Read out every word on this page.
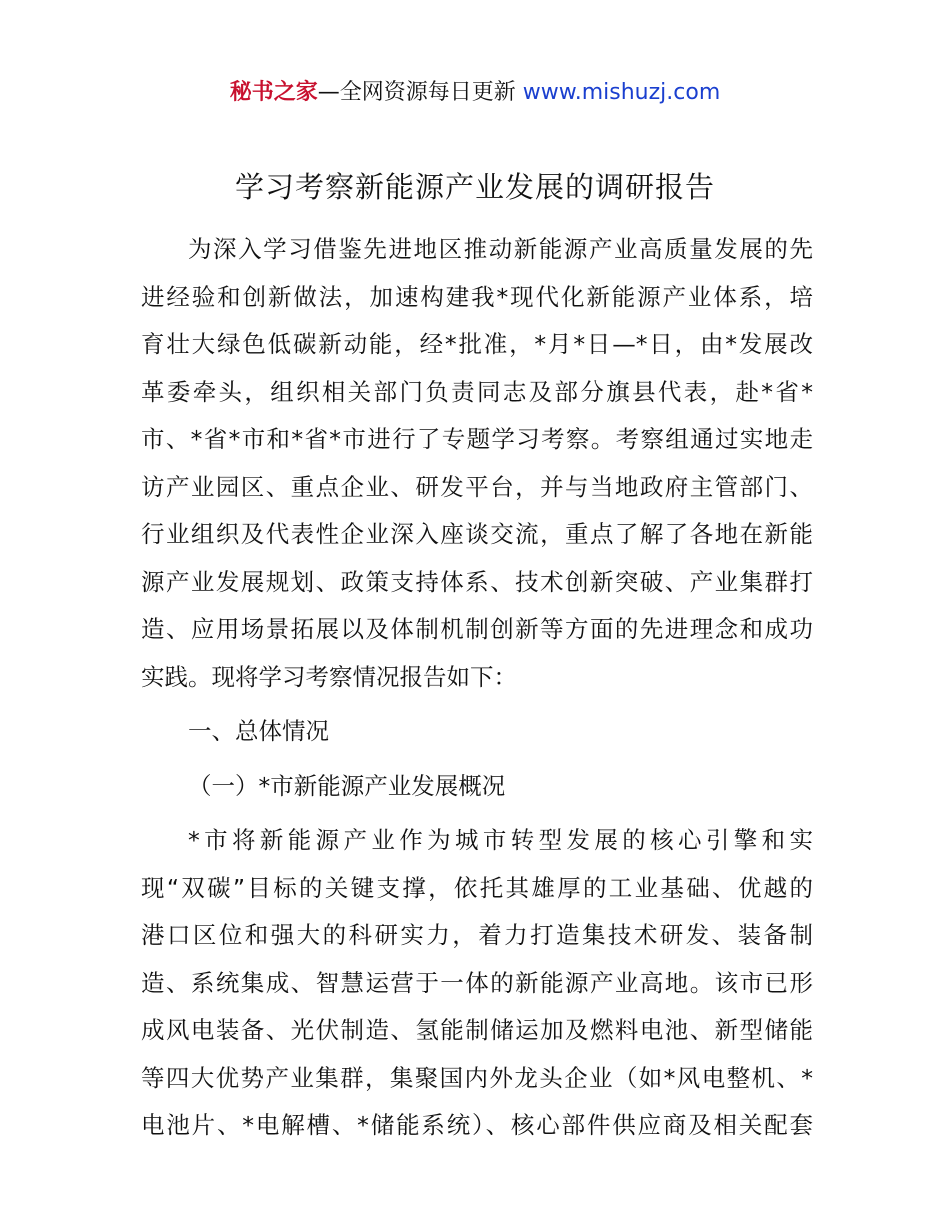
秘书之家—全网资源每日更新 www.mishuzj.com
学习考察新能源产业发展的调研报告
为深入学习借鉴先进地区推动新能源产业高质量发展的先
进经验和创新做法，加速构建我*现代化新能源产业体系，培
育壮大绿色低碳新动能，经*批准，*月*日—*日，由*发展改
革委牵头，组织相关部门负责同志及部分旗县代表，赴*省*
市、*省*市和*省*市进行了专题学习考察。考察组通过实地走
访产业园区、重点企业、研发平台，并与当地政府主管部门、
行业组织及代表性企业深入座谈交流，重点了解了各地在新能
源产业发展规划、政策支持体系、技术创新突破、产业集群打
造、应用场景拓展以及体制机制创新等方面的先进理念和成功
实践。现将学习考察情况报告如下：
一、总体情况
（一）*市新能源产业发展概况
*市将新能源产业作为城市转型发展的核心引擎和实
现“双碳”目标的关键支撑，依托其雄厚的工业基础、优越的
港口区位和强大的科研实力，着力打造集技术研发、装备制
造、系统集成、智慧运营于一体的新能源产业高地。该市已形
成风电装备、光伏制造、氢能制储运加及燃料电池、新型储能
等四大优势产业集群，集聚国内外龙头企业（如*风电整机、*
电池片、*电解槽、*储能系统）、核心部件供应商及相关配套
